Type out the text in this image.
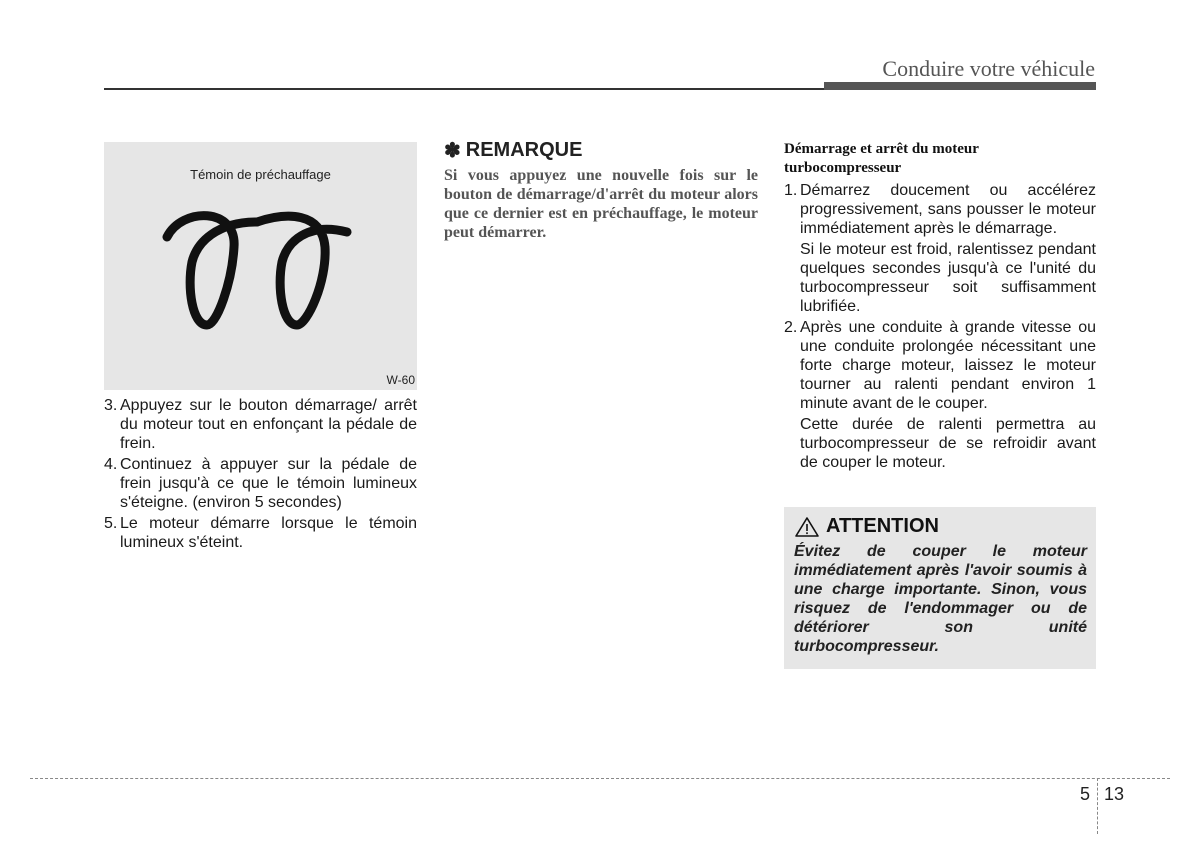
Conduire votre véhicule
Témoin de préchauffage
W-60
3. Appuyez sur le bouton démarrage/ arrêt du moteur tout en enfonçant la pédale de frein.
4. Continuez à appuyer sur la pédale de frein jusqu'à ce que le témoin lumineux s'éteigne. (environ 5 secondes)
5. Le moteur démarre lorsque le témoin lumineux s'éteint.
✽ REMARQUE

Si vous appuyez une nouvelle fois sur le bouton de démarrage/d'arrêt du moteur alors que ce dernier est en préchauffage, le moteur peut démarrer.

Démarrage et arrêt du moteur turbocompresseur
1. Démarrez doucement ou accélérez progressivement, sans pousser le moteur immédiatement après le démarrage.
Si le moteur est froid, ralentissez pendant quelques secondes jusqu'à ce l'unité du turbocompresseur soit suffisamment lubrifiée.
2. Après une conduite à grande vitesse ou une conduite prolongée nécessitant une forte charge moteur, laissez le moteur tourner au ralenti pendant environ 1 minute avant de le couper.
Cette durée de ralenti permettra au turbocompresseur de se refroidir avant de couper le moteur.
ATTENTION

Évitez de couper le moteur immédiatement après l'avoir soumis à une charge importante. Sinon, vous risquez de l'endommager ou de détériorer son unité turbocompresseur.

5 13
